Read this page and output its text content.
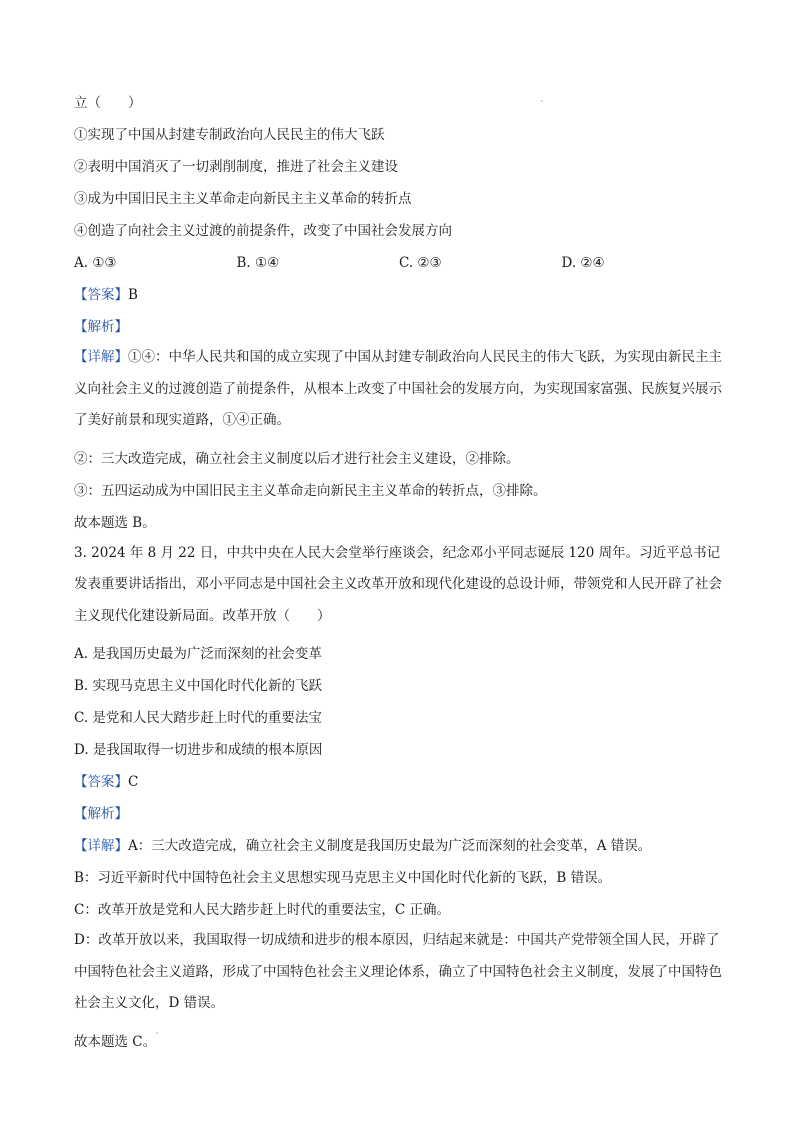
立（　　）
①实现了中国从封建专制政治向人民民主的伟大飞跃
②表明中国消灭了一切剥削制度，推进了社会主义建设
③成为中国旧民主主义革命走向新民主主义革命的转折点
④创造了向社会主义过渡的前提条件，改变了中国社会发展方向
A. ①③	B. ①④	C. ②③	D. ②④
【答案】B
【解析】
【详解】①④：中华人民共和国的成立实现了中国从封建专制政治向人民民主的伟大飞跃，为实现由新民主主义向社会主义的过渡创造了前提条件，从根本上改变了中国社会的发展方向，为实现国家富强、民族复兴展示了美好前景和现实道路，①④正确。
②：三大改造完成，确立社会主义制度以后才进行社会主义建设，②排除。
③：五四运动成为中国旧民主主义革命走向新民主主义革命的转折点，③排除。
故本题选 B。
3. 2024 年 8 月 22 日，中共中央在人民大会堂举行座谈会，纪念邓小平同志诞辰 120 周年。习近平总书记发表重要讲话指出，邓小平同志是中国社会主义改革开放和现代化建设的总设计师，带领党和人民开辟了社会主义现代化建设新局面。改革开放（　　）
A. 是我国历史最为广泛而深刻的社会变革
B. 实现马克思主义中国化时代化新的飞跃
C. 是党和人民大踏步赶上时代的重要法宝
D. 是我国取得一切进步和成绩的根本原因
【答案】C
【解析】
【详解】A：三大改造完成，确立社会主义制度是我国历史最为广泛而深刻的社会变革，A 错误。
B：习近平新时代中国特色社会主义思想实现马克思主义中国化时代化新的飞跃，B 错误。
C：改革开放是党和人民大踏步赶上时代的重要法宝，C 正确。
D：改革开放以来，我国取得一切成绩和进步的根本原因，归结起来就是：中国共产党带领全国人民，开辟了中国特色社会主义道路，形成了中国特色社会主义理论体系，确立了中国特色社会主义制度，发展了中国特色社会主义文化，D 错误。
故本题选 C。
